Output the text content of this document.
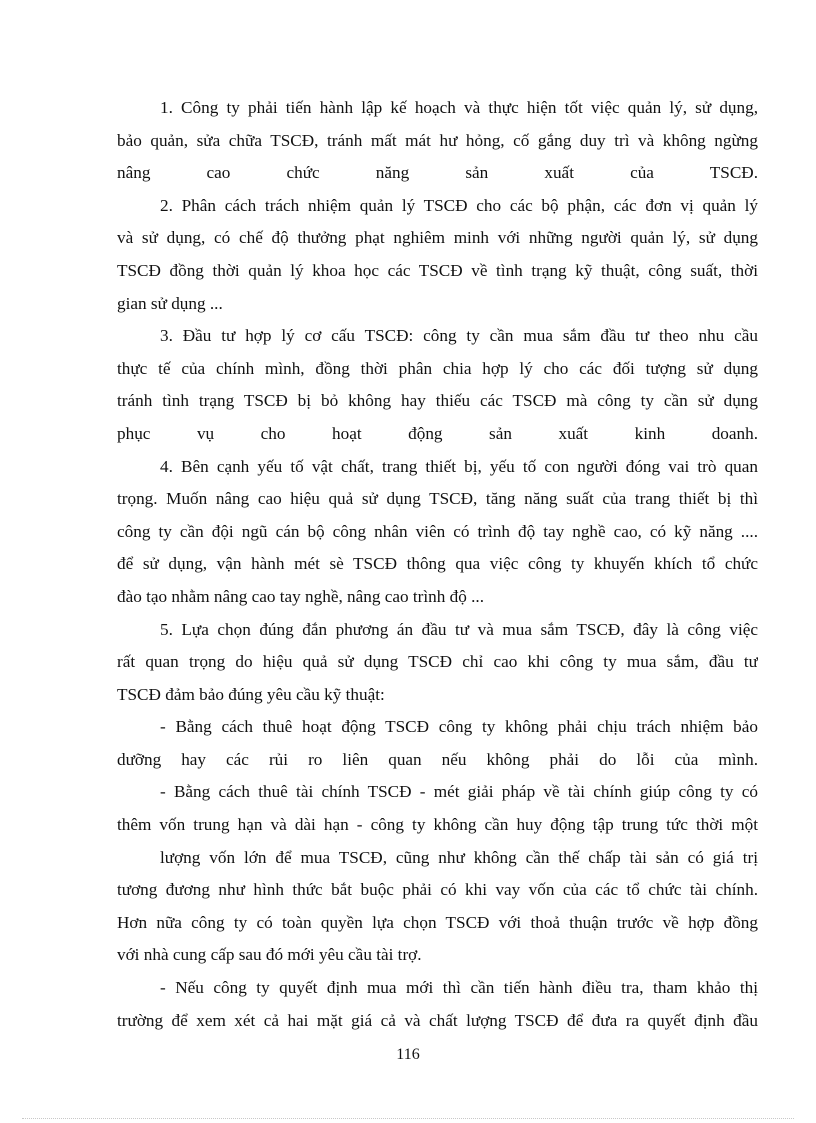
1. Công ty phải tiến hành lập kế hoạch và thực hiện tốt việc quản lý, sử dụng,
bảo quản, sửa chữa TSCĐ, tránh mất mát hư hỏng, cố gắng duy trì và không ngừng
nâng cao chức năng sản xuất của TSCĐ.
2. Phân cách trách nhiệm quản lý TSCĐ cho các bộ phận, các đơn vị quản lý
và sử dụng, có chế độ thưởng phạt nghiêm minh với những người quản lý, sử dụng
TSCĐ đồng thời quản lý khoa học các TSCĐ về tình trạng kỹ thuật, công suất, thời
gian sử dụng ...
3. Đầu tư hợp lý cơ cấu TSCĐ: công ty cần mua sắm đầu tư theo nhu cầu
thực tế của chính mình, đồng thời phân chia hợp lý cho các đối tượng sử dụng
tránh tình trạng TSCĐ bị bỏ không hay thiếu các TSCĐ mà công ty cần sử dụng
phục vụ cho hoạt động sản xuất kinh doanh.
4. Bên cạnh yếu tố vật chất, trang thiết bị, yếu tố con người đóng vai trò quan
trọng. Muốn nâng cao hiệu quả sử dụng TSCĐ, tăng năng suất của trang thiết bị thì
công ty cần đội ngũ cán bộ công nhân viên có trình độ tay nghề cao, có kỹ năng ....
để sử dụng, vận hành mét sè TSCĐ thông qua việc công ty khuyến khích tổ chức
đào tạo nhằm nâng cao tay nghề, nâng cao trình độ ...
5. Lựa chọn đúng đắn phương án đầu tư và mua sắm TSCĐ, đây là công việc
rất quan trọng do hiệu quả sử dụng TSCĐ chỉ cao khi công ty mua sắm, đầu tư
TSCĐ đảm bảo đúng yêu cầu kỹ thuật:
- Bằng cách thuê hoạt động TSCĐ công ty không phải chịu trách nhiệm bảo
dưỡng hay các rủi ro liên quan nếu không phải do lỗi của mình.
- Bằng cách thuê tài chính TSCĐ - mét giải pháp về tài chính giúp công ty có
thêm vốn trung hạn và dài hạn - công ty không cần huy động tập trung tức thời một
lượng vốn lớn để mua TSCĐ, cũng như không cần thế chấp tài sản có giá trị
tương đương như hình thức bắt buộc phải có khi vay vốn của các tổ chức tài chính.
Hơn nữa công ty có toàn quyền lựa chọn TSCĐ với thoả thuận trước về hợp đồng
với nhà cung cấp sau đó mới yêu cầu tài trợ.
- Nếu công ty quyết định mua mới thì cần tiến hành điều tra, tham khảo thị
trường để xem xét cả hai mặt giá cả và chất lượng TSCĐ để đưa ra quyết định đầu
116
